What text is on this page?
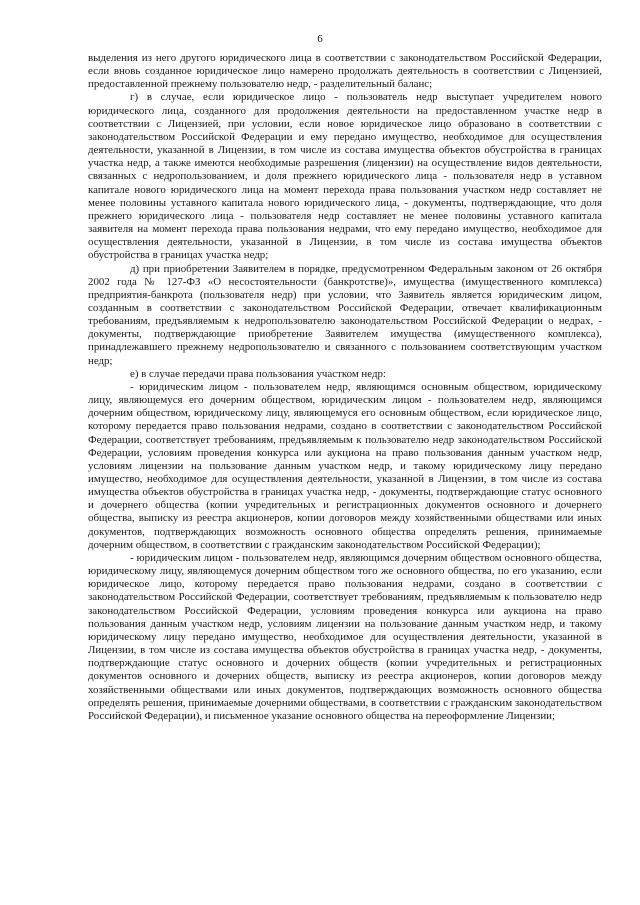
6

выделения из него другого юридического лица в соответствии с законодательством Российской Федерации, если вновь созданное юридическое лицо намерено продолжать деятельность в соответствии с Лицензией, предоставленной прежнему пользователю недр, - разделительный баланс;

г) в случае, если юридическое лицо - пользователь недр выступает учредителем нового юридического лица, созданного для продолжения деятельности на предоставленном участке недр в соответствии с Лицензией, при условии, если новое юридическое лицо образовано в соответствии с законодательством Российской Федерации и ему передано имущество, необходимое для осуществления деятельности, указанной в Лицензии, в том числе из состава имущества объектов обустройства в границах участка недр, а также имеются необходимые разрешения (лицензии) на осуществление видов деятельности, связанных с недропользованием, и доля прежнего юридического лица - пользователя недр в уставном капитале нового юридического лица на момент перехода права пользования участком недр составляет не менее половины уставного капитала нового юридического лица, - документы, подтверждающие, что доля прежнего юридического лица - пользователя недр составляет не менее половины уставного капитала заявителя на момент перехода права пользования недрами, что ему передано имущество, необходимое для осуществления деятельности, указанной в Лицензии, в том числе из состава имущества объектов обустройства в границах участка недр;

д) при приобретении Заявителем в порядке, предусмотренном Федеральным законом от 26 октября 2002 года № 127-ФЗ «О несостоятельности (банкротстве)», имущества (имущественного комплекса) предприятия-банкрота (пользователя недр) при условии, что Заявитель является юридическим лицом, созданным в соответствии с законодательством Российской Федерации, отвечает квалификационным требованиям, предъявляемым к недропользователю законодательством Российской Федерации о недрах, - документы, подтверждающие приобретение Заявителем имущества (имущественного комплекса), принадлежавшего прежнему недропользователю и связанного с пользованием соответствующим участком недр;

е) в случае передачи права пользования участком недр:

- юридическим лицом - пользователем недр, являющимся основным обществом, юридическому лицу, являющемуся его дочерним обществом, юридическим лицом - пользователем недр, являющимся дочерним обществом, юридическому лицу, являющемуся его основным обществом, если юридическое лицо, которому передается право пользования недрами, создано в соответствии с законодательством Российской Федерации, соответствует требованиям, предъявляемым к пользователю недр законодательством Российской Федерации, условиям проведения конкурса или аукциона на право пользования данным участком недр, условиям лицензии на пользование данным участком недр, и такому юридическому лицу передано имущество, необходимое для осуществления деятельности, указанной в Лицензии, в том числе из состава имущества объектов обустройства в границах участка недр, - документы, подтверждающие статус основного и дочернего общества (копии учредительных и регистрационных документов основного и дочернего общества, выписку из реестра акционеров, копии договоров между хозяйственными обществами или иных документов, подтверждающих возможность основного общества определять решения, принимаемые дочерним обществом, в соответствии с гражданским законодательством Российской Федерации);

- юридическим лицом - пользователем недр, являющимся дочерним обществом основного общества, юридическому лицу, являющемуся дочерним обществом того же основного общества, по его указанию, если юридическое лицо, которому передается право пользования недрами, создано в соответствии с законодательством Российской Федерации, соответствует требованиям, предъявляемым к пользователю недр законодательством Российской Федерации, условиям проведения конкурса или аукциона на право пользования данным участком недр, условиям лицензии на пользование данным участком недр, и такому юридическому лицу передано имущество, необходимое для осуществления деятельности, указанной в Лицензии, в том числе из состава имущества объектов обустройства в границах участка недр, - документы, подтверждающие статус основного и дочерних обществ (копии учредительных и регистрационных документов основного и дочерних обществ, выписку из реестра акционеров, копии договоров между хозяйственными обществами или иных документов, подтверждающих возможность основного общества определять решения, принимаемые дочерними обществами, в соответствии с гражданским законодательством Российской Федерации), и письменное указание основного общества на переоформление Лицензии;
